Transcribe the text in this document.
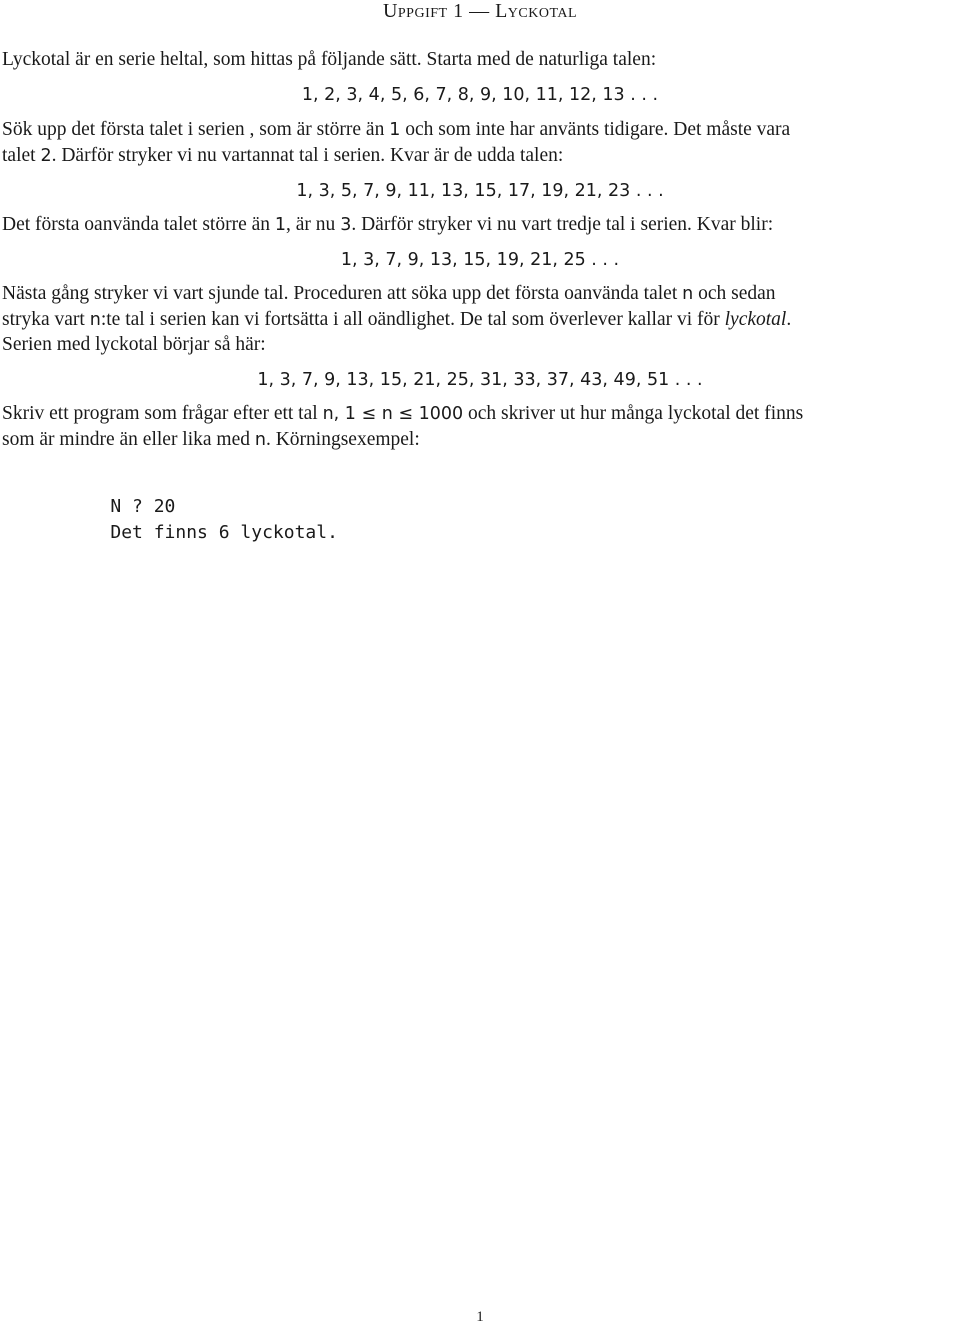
Uppgift 1 — Lyckotal
Lyckotal är en serie heltal, som hittas på följande sätt. Starta med de naturliga talen:
1, 2, 3, 4, 5, 6, 7, 8, 9, 10, 11, 12, 13 . . .
Sök upp det första talet i serien , som är större än 1 och som inte har använts tidigare. Det måste vara
talet 2. Därför stryker vi nu vartannat tal i serien. Kvar är de udda talen:
1, 3, 5, 7, 9, 11, 13, 15, 17, 19, 21, 23 . . .
Det första oanvända talet större än 1, är nu 3. Därför stryker vi nu vart tredje tal i serien. Kvar blir:
1, 3, 7, 9, 13, 15, 19, 21, 25 . . .
Nästa gång stryker vi vart sjunde tal. Proceduren att söka upp det första oanvända talet n och sedan
stryka vart n:te tal i serien kan vi fortsätta i all oändlighet. De tal som överlever kallar vi för lyckotal.
Serien med lyckotal börjar så här:
1, 3, 7, 9, 13, 15, 21, 25, 31, 33, 37, 43, 49, 51 . . .
Skriv ett program som frågar efter ett tal n, 1 ≤ n ≤ 1000 och skriver ut hur många lyckotal det finns
som är mindre än eller lika med n. Körningsexempel:

N ? 20

Det finns 6 lyckotal.

1
